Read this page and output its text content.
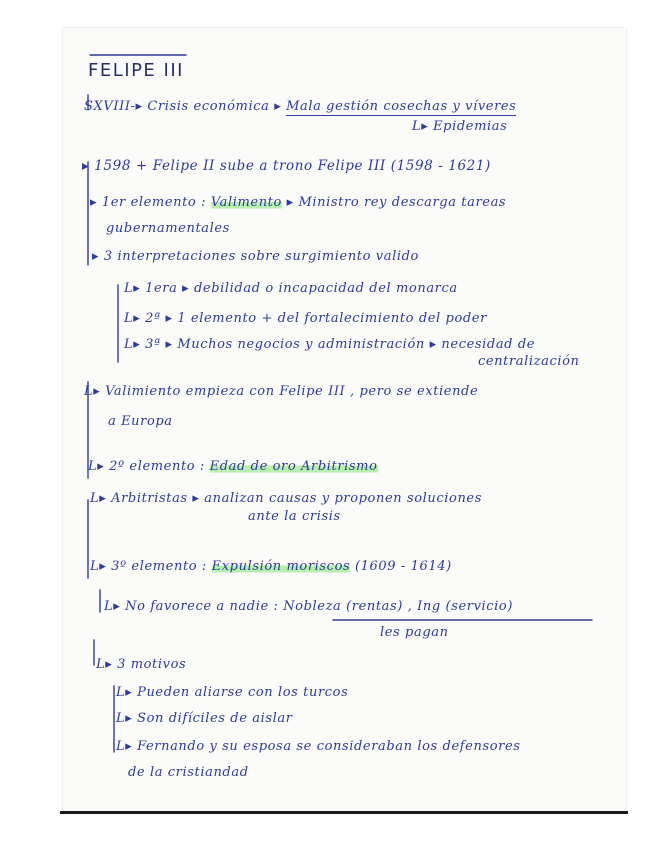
FELIPE III
SXVIII-▸ Crisis económica ▸ Mala gestión cosechas y víveres
L▸ Epidemias
▸ 1598 + Felipe II sube a trono Felipe III (1598 - 1621)
▸ 1er elemento : Valimento ▸ Ministro rey descarga tareas
gubernamentales
▸ 3 interpretaciones sobre surgimiento valido
L▸ 1era ▸ debilidad o incapacidad del monarca
L▸ 2ª ▸ 1 elemento + del fortalecimiento del poder
L▸ 3ª ▸ Muchos negocios y administración ▸ necesidad de
centralización
L▸ Valimiento empieza con Felipe III , pero se extiende
a Europa
L▸ 2º elemento : Edad de oro Arbitrismo
L▸ Arbitristas ▸ analizan causas y proponen soluciones
ante la crisis
L▸ 3º elemento : Expulsión moriscos (1609 - 1614)
L▸ No favorece a nadie : Nobleza (rentas) , Ing (servicio)
les pagan
L▸ 3 motivos
L▸ Pueden aliarse con los turcos
L▸ Son difíciles de aislar
L▸ Fernando y su esposa se consideraban los defensores
de la cristiandad
